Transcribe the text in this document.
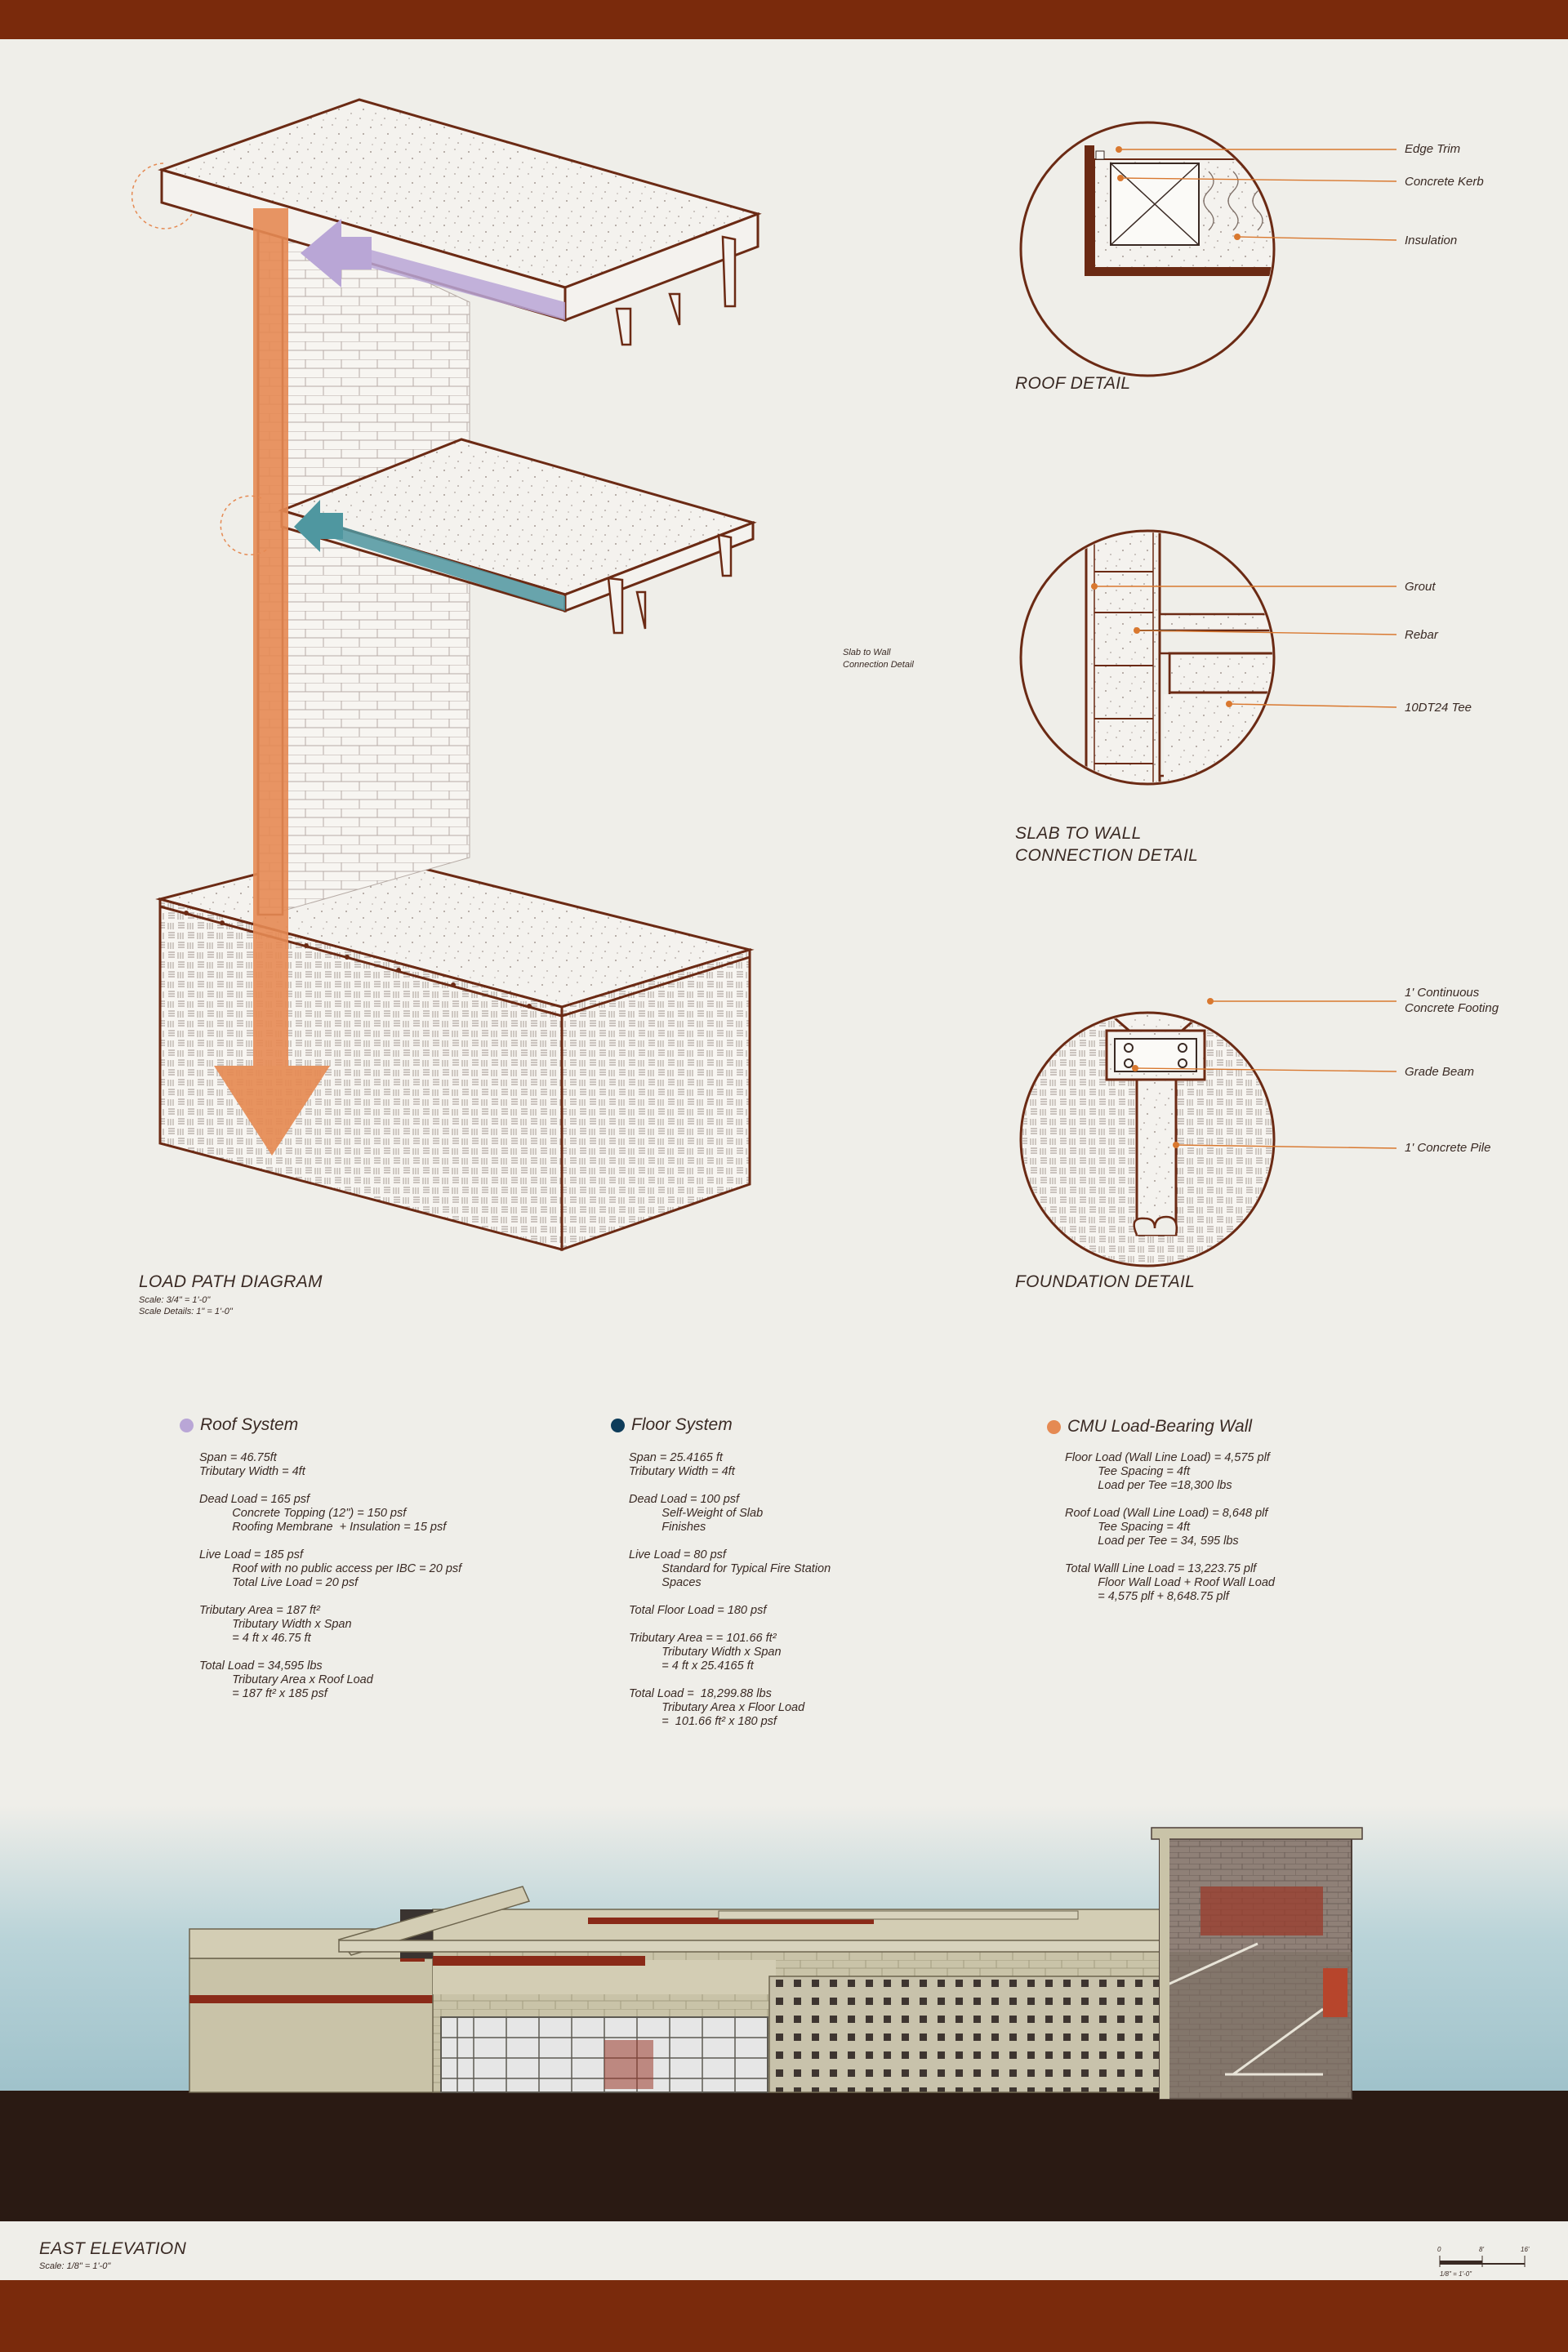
LOAD PATH DIAGRAM
Scale: 3/4" = 1'-0"
Scale Details: 1" = 1'-0"
Slab to Wall
Connection Detail
ROOF DETAIL
Edge Trim
Concrete Kerb
Insulation
SLAB TO WALL
CONNECTION DETAIL
Grout
Rebar
10DT24 Tee
FOUNDATION DETAIL
1' Continuous
Concrete Footing
Grade Beam
1' Concrete Pile
Roof System
Span = 46.75ft
Tributary Width = 4ft

Dead Load = 165 psf
Concrete Topping (12") = 150 psf
Roofing Membrane  + Insulation = 15 psf

Live Load = 185 psf
Roof with no public access per IBC = 20 psf
Total Live Load = 20 psf

Tributary Area = 187 ft²
Tributary Width x Span
= 4 ft x 46.75 ft

Total Load = 34,595 lbs
Tributary Area x Roof Load
= 187 ft² x 185 psf
Floor System
Span = 25.4165 ft
Tributary Width = 4ft

Dead Load = 100 psf
Self-Weight of Slab
Finishes

Live Load = 80 psf
Standard for Typical Fire Station
Spaces

Total Floor Load = 180 psf

Tributary Area = = 101.66 ft²
Tributary Width x Span
= 4 ft x 25.4165 ft

Total Load =  18,299.88 lbs
Tributary Area x Floor Load
=  101.66 ft² x 180 psf
CMU Load-Bearing Wall
Floor Load (Wall Line Load) = 4,575 plf
Tee Spacing = 4ft
Load per Tee =18,300 lbs

Roof Load (Wall Line Load) = 8,648 plf
Tee Spacing = 4ft
Load per Tee = 34, 595 lbs

Total Walll Line Load = 13,223.75 plf
Floor Wall Load + Roof Wall Load
= 4,575 plf + 8,648.75 plf
EAST ELEVATION
Scale: 1/8" = 1'-0"
0	8'	16'
1/8" = 1'-0"
